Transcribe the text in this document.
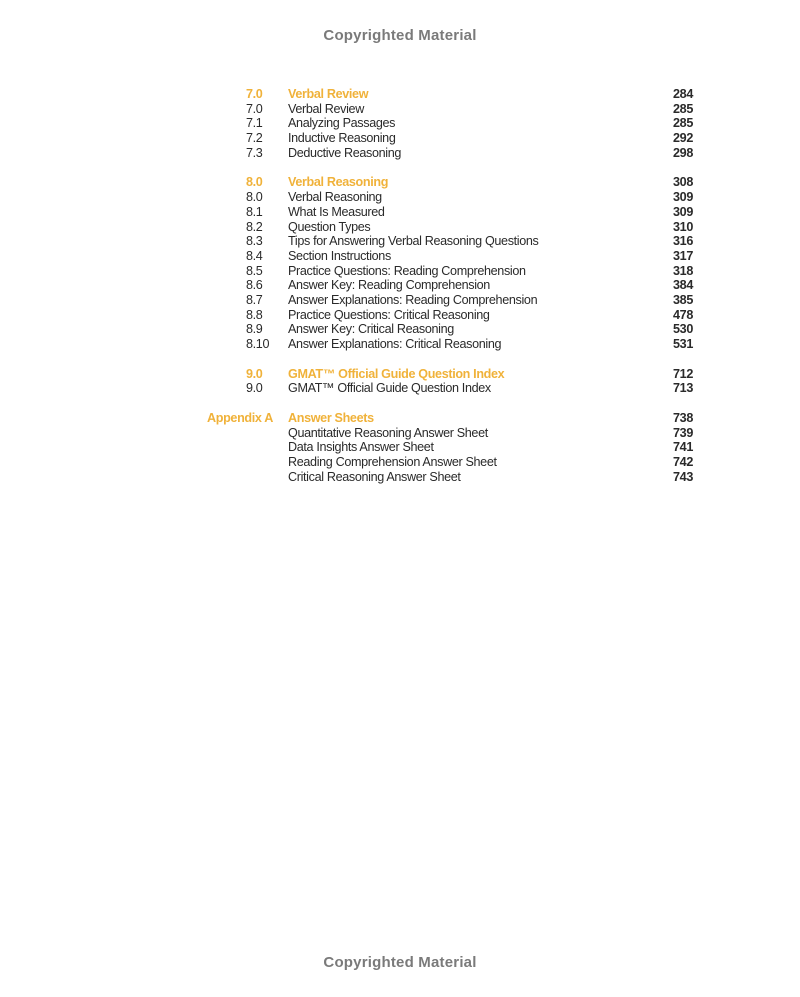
Copyrighted Material
7.0 Verbal Review	284
7.0 Verbal Review	285
7.1 Analyzing Passages	285
7.2 Inductive Reasoning	292
7.3 Deductive Reasoning	298
8.0 Verbal Reasoning	308
8.0 Verbal Reasoning	309
8.1 What Is Measured	309
8.2 Question Types	310
8.3 Tips for Answering Verbal Reasoning Questions	316
8.4 Section Instructions	317
8.5 Practice Questions: Reading Comprehension	318
8.6 Answer Key: Reading Comprehension	384
8.7 Answer Explanations: Reading Comprehension	385
8.8 Practice Questions: Critical Reasoning	478
8.9 Answer Key: Critical Reasoning	530
8.10 Answer Explanations: Critical Reasoning	531
9.0 GMAT™ Official Guide Question Index	712
9.0 GMAT™ Official Guide Question Index	713
Appendix A Answer Sheets	738
Quantitative Reasoning Answer Sheet	739
Data Insights Answer Sheet	741
Reading Comprehension Answer Sheet	742
Critical Reasoning Answer Sheet	743
Copyrighted Material
